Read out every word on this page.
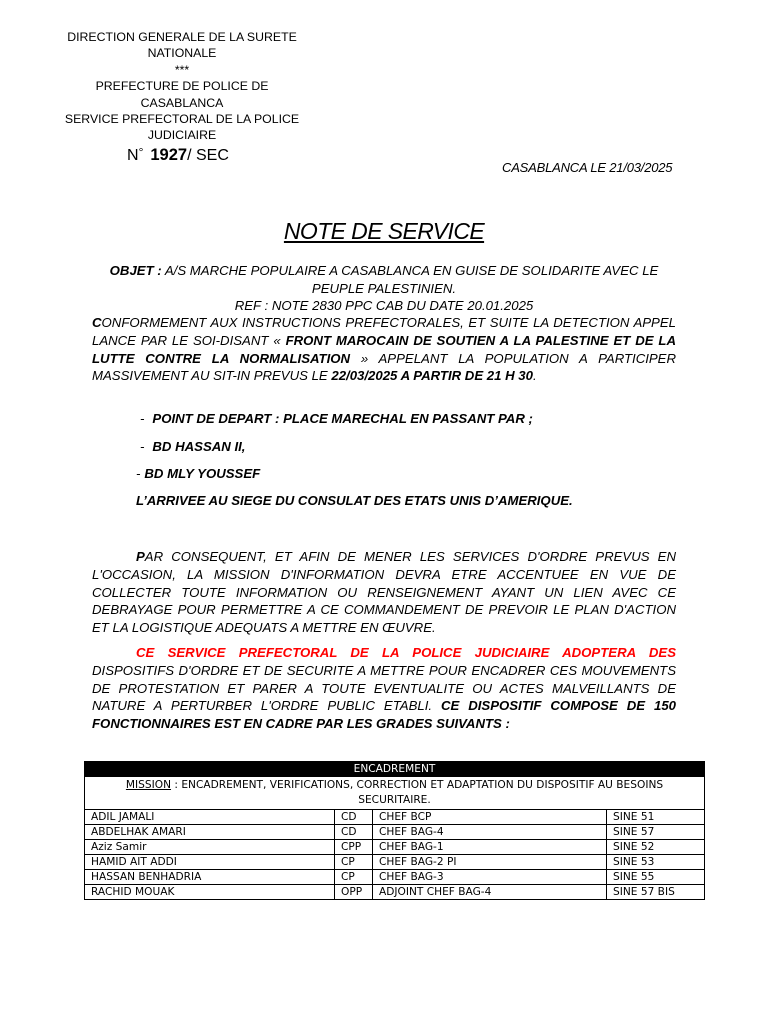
DIRECTION GENERALE DE LA SURETE NATIONALE
***
PREFECTURE DE POLICE DE CASABLANCA
SERVICE PREFECTORAL DE LA POLICE JUDICIAIRE
N° 1927/ SEC
CASABLANCA LE 21/03/2025
NOTE DE SERVICE
OBJET : A/S MARCHE POPULAIRE A CASABLANCA EN GUISE DE SOLIDARITE AVEC LE PEUPLE PALESTINIEN.
REF : NOTE 2830 PPC CAB DU DATE 20.01.2025
CONFORMEMENT AUX INSTRUCTIONS PREFECTORALES, ET SUITE LA DETECTION APPEL LANCE PAR LE SOI-DISANT « FRONT MAROCAIN DE SOUTIEN A LA PALESTINE ET DE LA LUTTE CONTRE LA NORMALISATION » APPELANT LA POPULATION A PARTICIPER MASSIVEMENT AU SIT-IN PREVUS LE 22/03/2025 A PARTIR DE 21 H 30.
- POINT DE DEPART : PLACE MARECHAL EN PASSANT PAR ;
- BD HASSAN II,
- BD MLY YOUSSEF
L’ARRIVEE AU SIEGE DU CONSULAT DES ETATS UNIS D’AMERIQUE.
PAR CONSEQUENT, ET AFIN DE MENER LES SERVICES D'ORDRE PREVUS EN L'OCCASION, LA MISSION D'INFORMATION DEVRA ETRE ACCENTUEE EN VUE DE COLLECTER TOUTE INFORMATION OU RENSEIGNEMENT AYANT UN LIEN AVEC CE DEBRAYAGE POUR PERMETTRE A CE COMMANDEMENT DE PREVOIR LE PLAN D'ACTION ET LA LOGISTIQUE ADEQUATS A METTRE EN ŒUVRE.
CE SERVICE PREFECTORAL DE LA POLICE JUDICIAIRE ADOPTERA DES DISPOSITIFS D'ORDRE ET DE SECURITE A METTRE POUR ENCADRER CES MOUVEMENTS DE PROTESTATION ET PARER A TOUTE EVENTUALITE OU ACTES MALVEILLANTS DE NATURE A PERTURBER L'ORDRE PUBLIC ETABLI. CE DISPOSITIF COMPOSE DE 150 FONCTIONNAIRES EST EN CADRE PAR LES GRADES SUIVANTS :
ENCADREMENT			
MISSION : ENCADREMENT, VERIFICATIONS, CORRECTION ET ADAPTATION DU DISPOSITIF AU BESOINS SECURITAIRE.			
ADIL JAMALI	CD	CHEF BCP	SINE 51
ABDELHAK AMARI	CD	CHEF BAG-4	SINE 57
Aziz Samir	CPP	CHEF BAG-1	SINE 52
HAMID AIT ADDI	CP	CHEF BAG-2 PI	SINE 53
HASSAN BENHADRIA	CP	CHEF BAG-3	SINE 55
RACHID MOUAK	OPP	ADJOINT CHEF BAG-4	SINE 57 BIS
